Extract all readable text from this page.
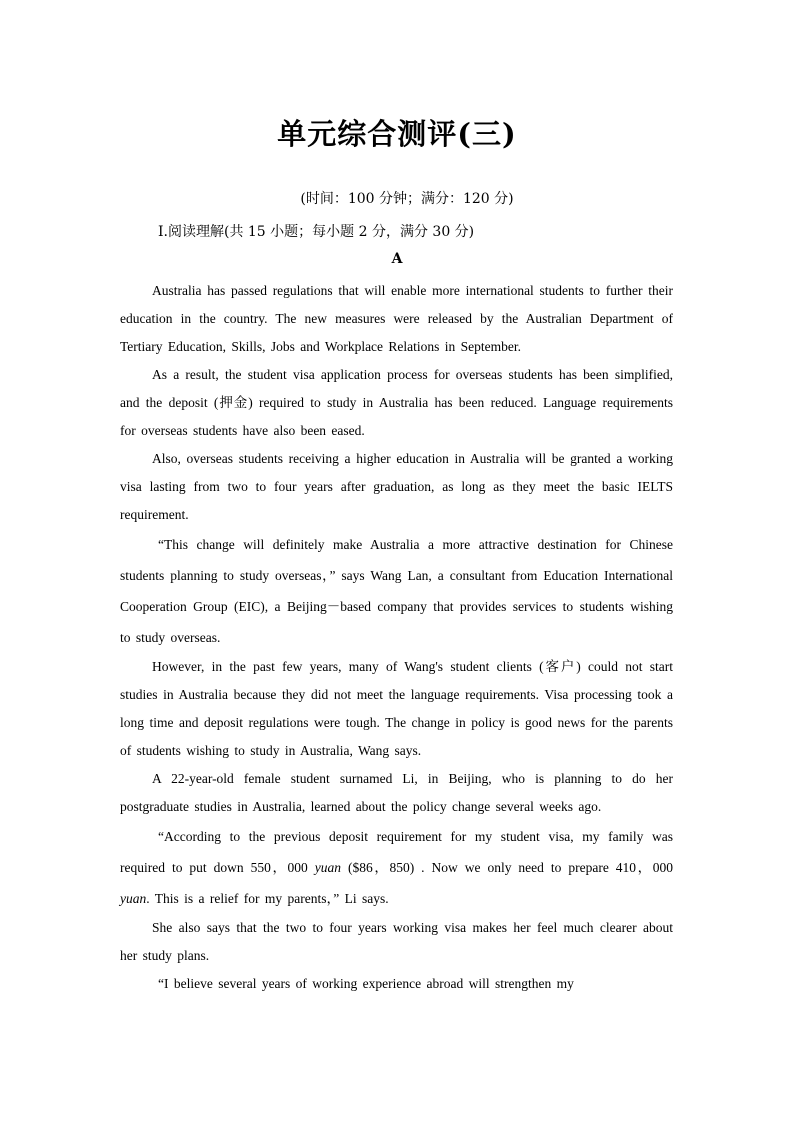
单元综合测评(三)
(时间：100 分钟；满分：120 分)
Ⅰ.阅读理解(共 15 小题；每小题 2 分，满分 30 分)
A

Australia has passed regulations that will enable more international students to further their education in the country. The new measures were released by the Australian Department of Tertiary Education, Skills, Jobs and Workplace Relations in September.

As a result, the student visa application process for overseas students has been simplified, and the deposit (押金) required to study in Australia has been reduced. Language requirements for overseas students have also been eased.

Also, overseas students receiving a higher education in Australia will be granted a working visa lasting from two to four years after graduation, as long as they meet the basic IELTS requirement.

“This change will definitely make Australia a more attractive destination for Chinese students planning to study overseas，” says Wang Lan, a consultant from Education International Cooperation Group (EIC), a Beijing－based company that provides services to students wishing to study overseas.

However, in the past few years, many of Wang's student clients (客户) could not start studies in Australia because they did not meet the language requirements. Visa processing took a long time and deposit regulations were tough. The change in policy is good news for the parents of students wishing to study in Australia, Wang says.

A 22-year-old female student surnamed Li, in Beijing, who is planning to do her postgraduate studies in Australia, learned about the policy change several weeks ago.

“According to the previous deposit requirement for my student visa, my family was required to put down 550，000 yuan ($86，850) . Now we only need to prepare 410，000 yuan. This is a relief for my parents，” Li says.

She also says that the two to four years working visa makes her feel much clearer about her study plans.

“I believe several years of working experience abroad will strengthen my
